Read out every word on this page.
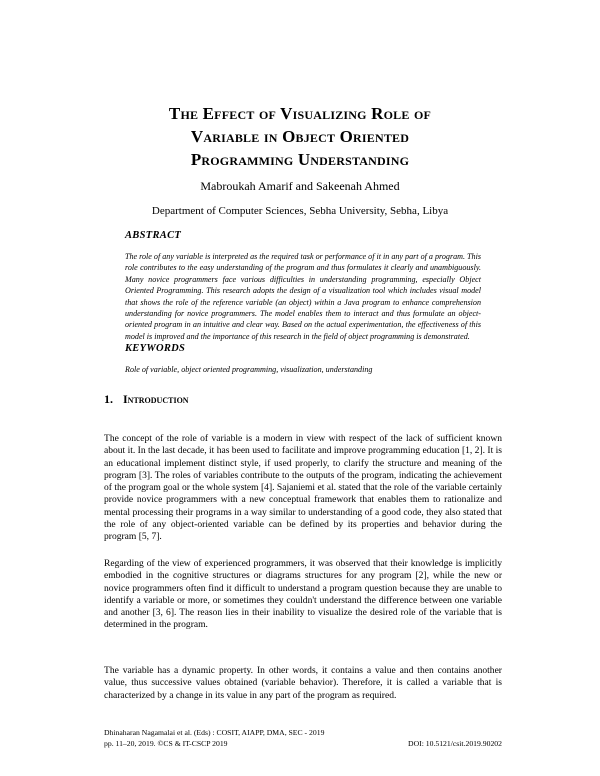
The Effect of Visualizing Role of
Variable in Object Oriented
Programming Understanding
Mabroukah Amarif and Sakeenah Ahmed
Department of Computer Sciences, Sebha University, Sebha, Libya
ABSTRACT
The role of any variable is interpreted as the required task or performance of it in any part of a program. This role contributes to the easy understanding of the program and thus formulates it clearly and unambiguously. Many novice programmers face various difficulties in understanding programming, especially Object Oriented Programming. This research adopts the design of a visualization tool which includes visual model that shows the role of the reference variable (an object) within a Java program to enhance comprehension understanding for novice programmers. The model enables them to interact and thus formulate an object-oriented program in an intuitive and clear way. Based on the actual experimentation, the effectiveness of this model is improved and the importance of this research in the field of object programming is demonstrated.
KEYWORDS
Role of variable, object oriented programming, visualization, understanding
1. Introduction
The concept of the role of variable is a modern in view with respect of the lack of sufficient known about it. In the last decade, it has been used to facilitate and improve programming education [1, 2]. It is an educational implement distinct style, if used properly, to clarify the structure and meaning of the program [3]. The roles of variables contribute to the outputs of the program, indicating the achievement of the program goal or the whole system [4]. Sajaniemi et al. stated that the role of the variable certainly provide novice programmers with a new conceptual framework that enables them to rationalize and mental processing their programs in a way similar to understanding of a good code, they also stated that the role of any object-oriented variable can be defined by its properties and behavior during the program [5, 7].
Regarding of the view of experienced programmers, it was observed that their knowledge is implicitly embodied in the cognitive structures or diagrams structures for any program [2], while the new or novice programmers often find it difficult to understand a program question because they are unable to identify a variable or more, or sometimes they couldn't understand the difference between one variable and another [3, 6]. The reason lies in their inability to visualize the desired role of the variable that is determined in the program.
The variable has a dynamic property. In other words, it contains a value and then contains another value, thus successive values obtained (variable behavior). Therefore, it is called a variable that is characterized by a change in its value in any part of the program as required.
Dhinaharan Nagamalai et al. (Eds) : COSIT, AIAPP, DMA, SEC - 2019
pp. 11–20, 2019. ©CS & IT-CSCP 2019	DOI: 10.5121/csit.2019.90202
